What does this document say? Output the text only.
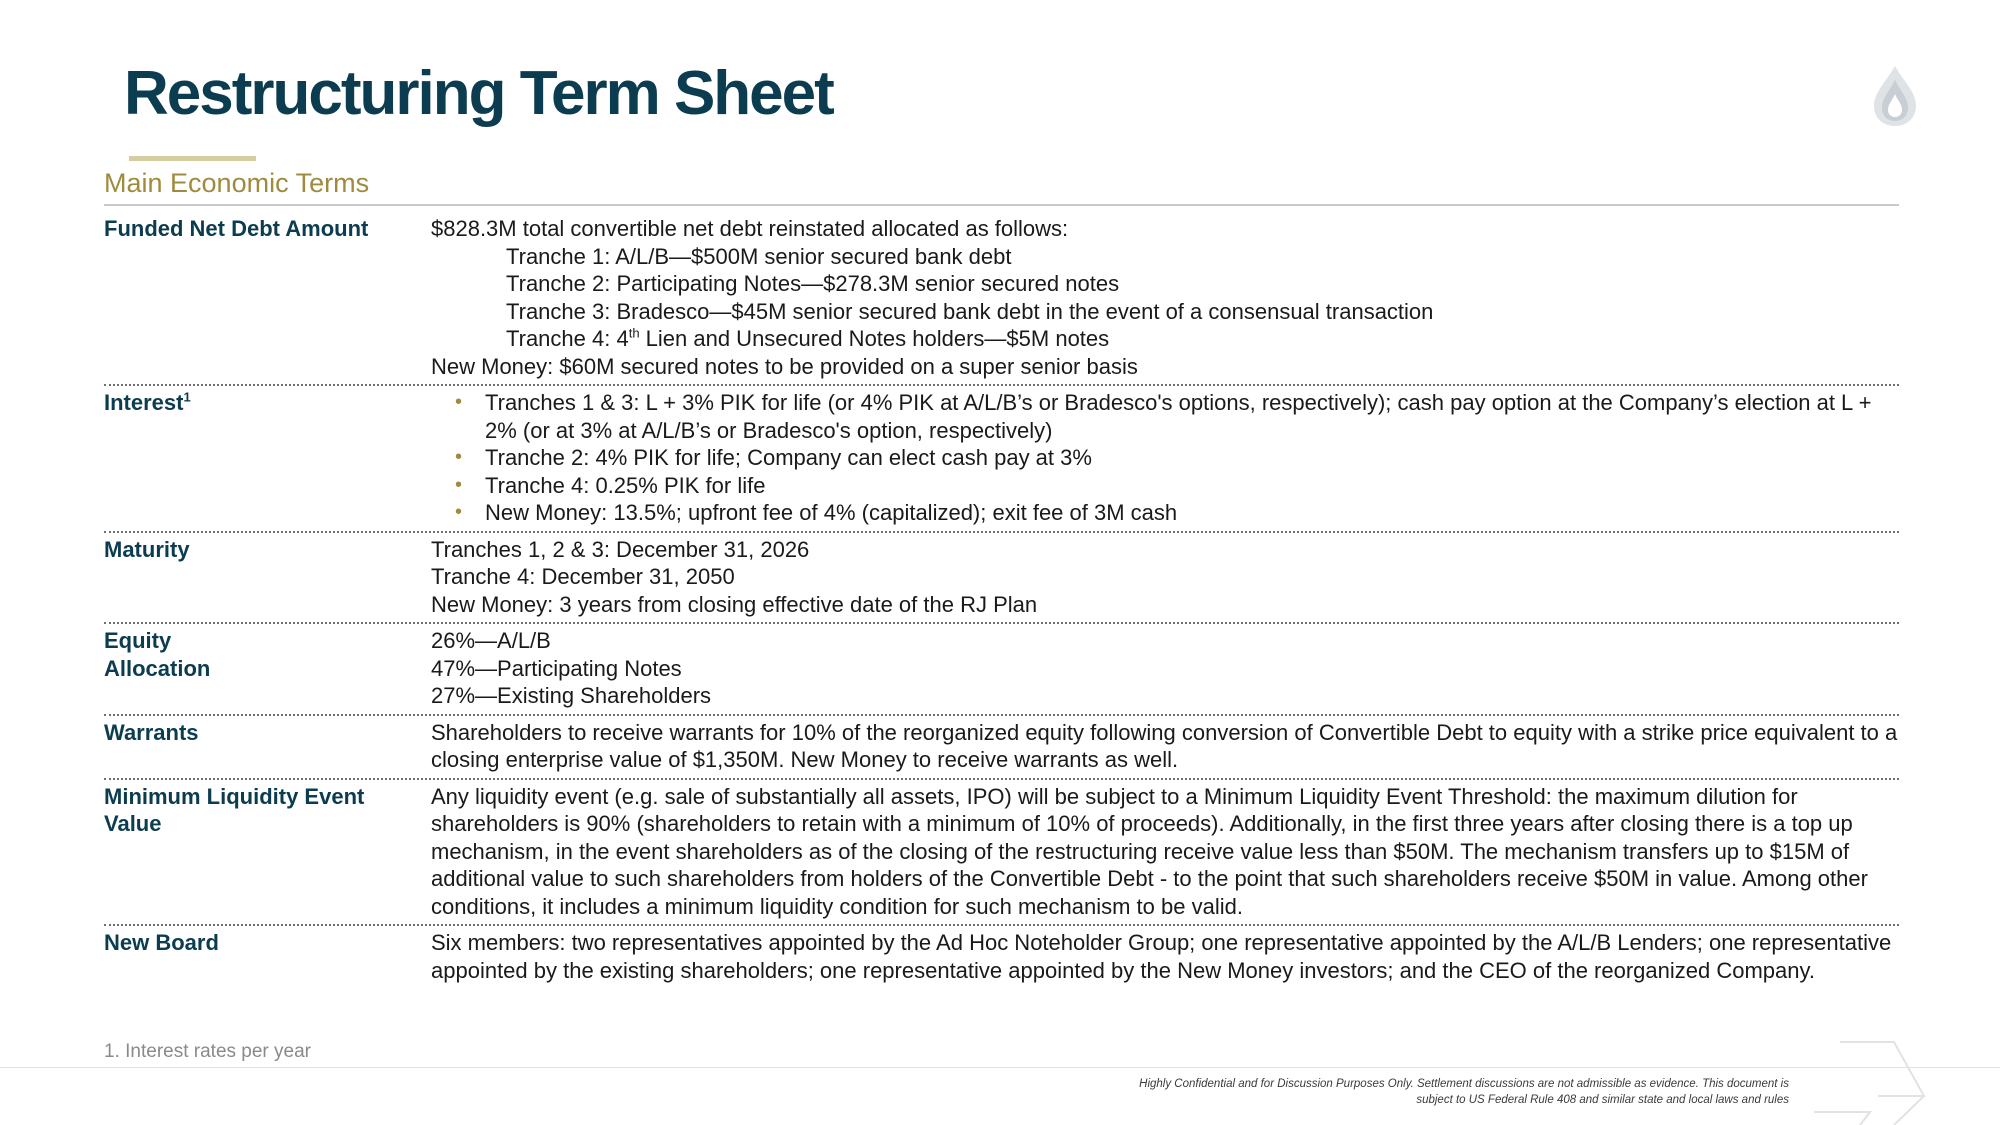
Restructuring Term Sheet
Main Economic Terms
Funded Net Debt Amount	$828.3M total convertible net debt reinstated allocated as follows:

Tranche 1: A/L/B—$500M senior secured bank debt

Tranche 2: Participating Notes—$278.3M senior secured notes

Tranche 3: Bradesco—$45M senior secured bank debt in the event of a consensual transaction

Tranche 4: 4th Lien and Unsecured Notes holders—$5M notes

New Money: $60M secured notes to be provided on a super senior basis

Interest$^1$
•	Tranches 1 & 3: L + 3% PIK for life (or 4% PIK at A/L/B’s or Bradesco's options, respectively); cash pay option at the Company’s election at L + 2% (or at 3% at A/L/B’s or Bradesco's option, respectively)
• Tranche 2: 4% PIK for life; Company can elect cash pay at 3%
• Tranche 4: 0.25% PIK for life
• New Money: 13.5%; upfront fee of 4% (capitalized); exit fee of 3M cash
Maturity	Tranches 1, 2 & 3: December 31, 2026

Tranche 4: December 31, 2050

New Money: 3 years from closing effective date of the RJ Plan

Equity
Allocation

26%—A/L/B

47%—Participating Notes

27%—Existing Shareholders

Warrants	Shareholders to receive warrants for 10% of the reorganized equity following conversion of Convertible Debt to equity with a strike price equivalent to a closing enterprise value of $1,350M. New Money to receive warrants as well.

Minimum Liquidity Event
Value

Any liquidity event (e.g. sale of substantially all assets, IPO) will be subject to a Minimum Liquidity Event Threshold: the maximum dilution for shareholders is 90% (shareholders to retain with a minimum of 10% of proceeds). Additionally, in the first three years after closing there is a top up mechanism, in the event shareholders as of the closing of the restructuring receive value less than $50M. The mechanism transfers up to $15M of additional value to such shareholders from holders of the Convertible Debt - to the point that such shareholders receive $50M in value. Among other conditions, it includes a minimum liquidity condition for such mechanism to be valid.

New Board	Six members: two representatives appointed by the Ad Hoc Noteholder Group; one representative appointed by the A/L/B Lenders; one representative appointed by the existing shareholders; one representative appointed by the New Money investors; and the CEO of the reorganized Company.

1. Interest rates per year
Highly Confidential and for Discussion Purposes Only. Settlement discussions are not admissible as evidence. This document is
subject to US Federal Rule 408 and similar state and local laws and rules
